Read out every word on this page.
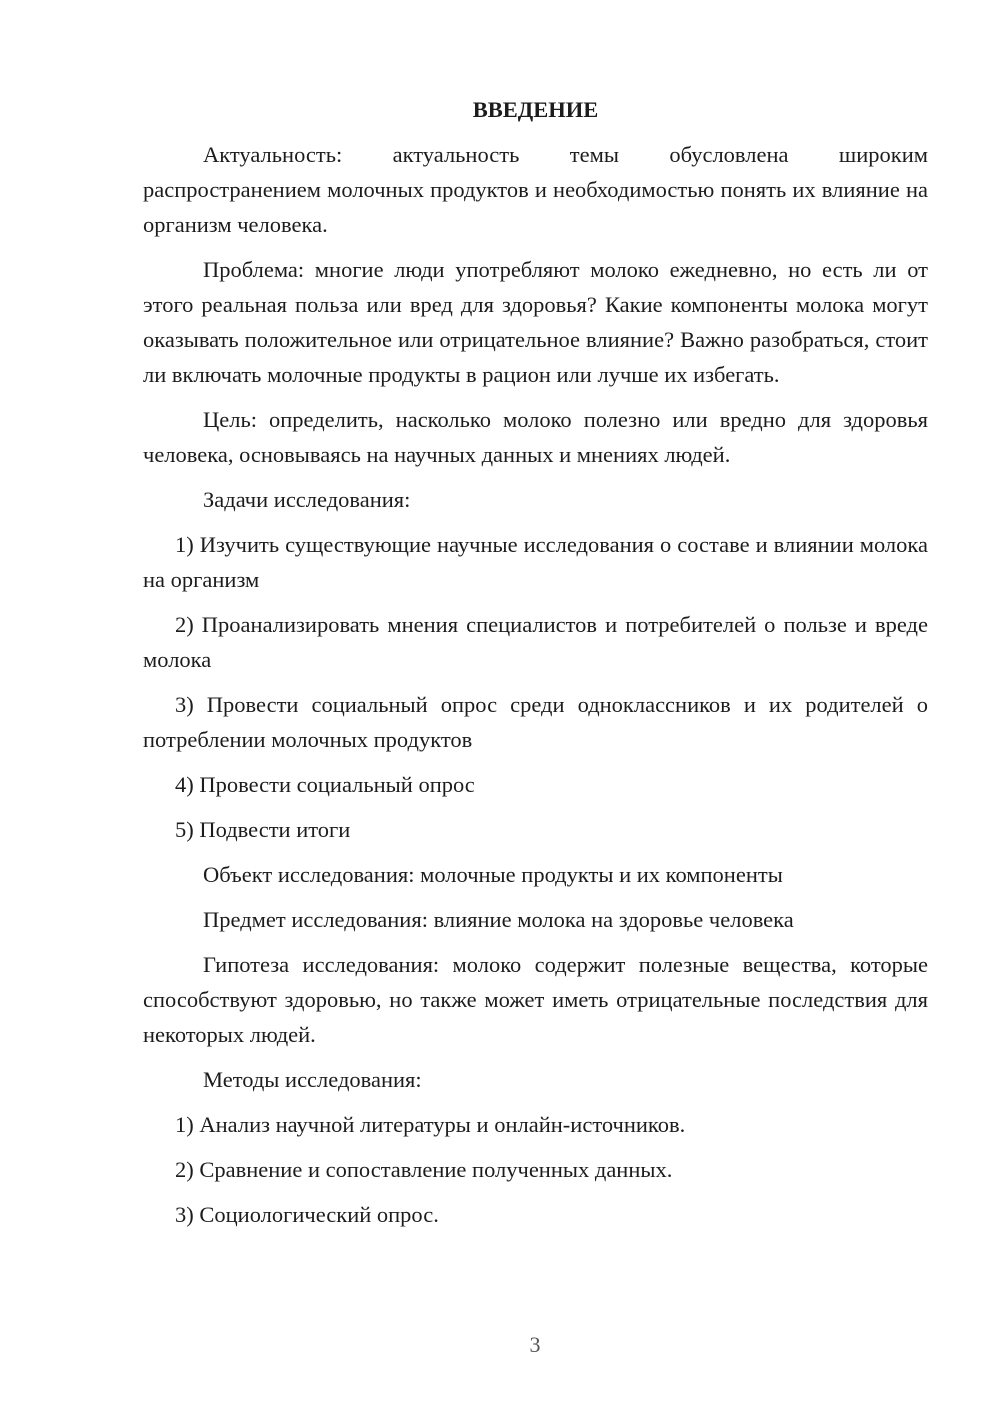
ВВЕДЕНИЕ

Актуальность: актуальность темы обусловлена широким распространением молочных продуктов и необходимостью понять их влияние на организм человека.

Проблема: многие люди употребляют молоко ежедневно, но есть ли от этого реальная польза или вред для здоровья? Какие компоненты молока могут оказывать положительное или отрицательное влияние? Важно разобраться, стоит ли включать молочные продукты в рацион или лучше их избегать.

Цель: определить, насколько молоко полезно или вредно для здоровья человека, основываясь на научных данных и мнениях людей.

Задачи исследования:

1) Изучить существующие научные исследования о составе и влиянии молока на организм

2) Проанализировать мнения специалистов и потребителей о пользе и вреде молока

3) Провести социальный опрос среди одноклассников и их родителей о потреблении молочных продуктов

4) Провести социальный опрос

5) Подвести итоги

Объект исследования: молочные продукты и их компоненты

Предмет исследования: влияние молока на здоровье человека

Гипотеза исследования: молоко содержит полезные вещества, которые способствуют здоровью, но также может иметь отрицательные последствия для некоторых людей.

Методы исследования:

1) Анализ научной литературы и онлайн-источников.

2) Сравнение и сопоставление полученных данных.

3) Социологический опрос.

3
